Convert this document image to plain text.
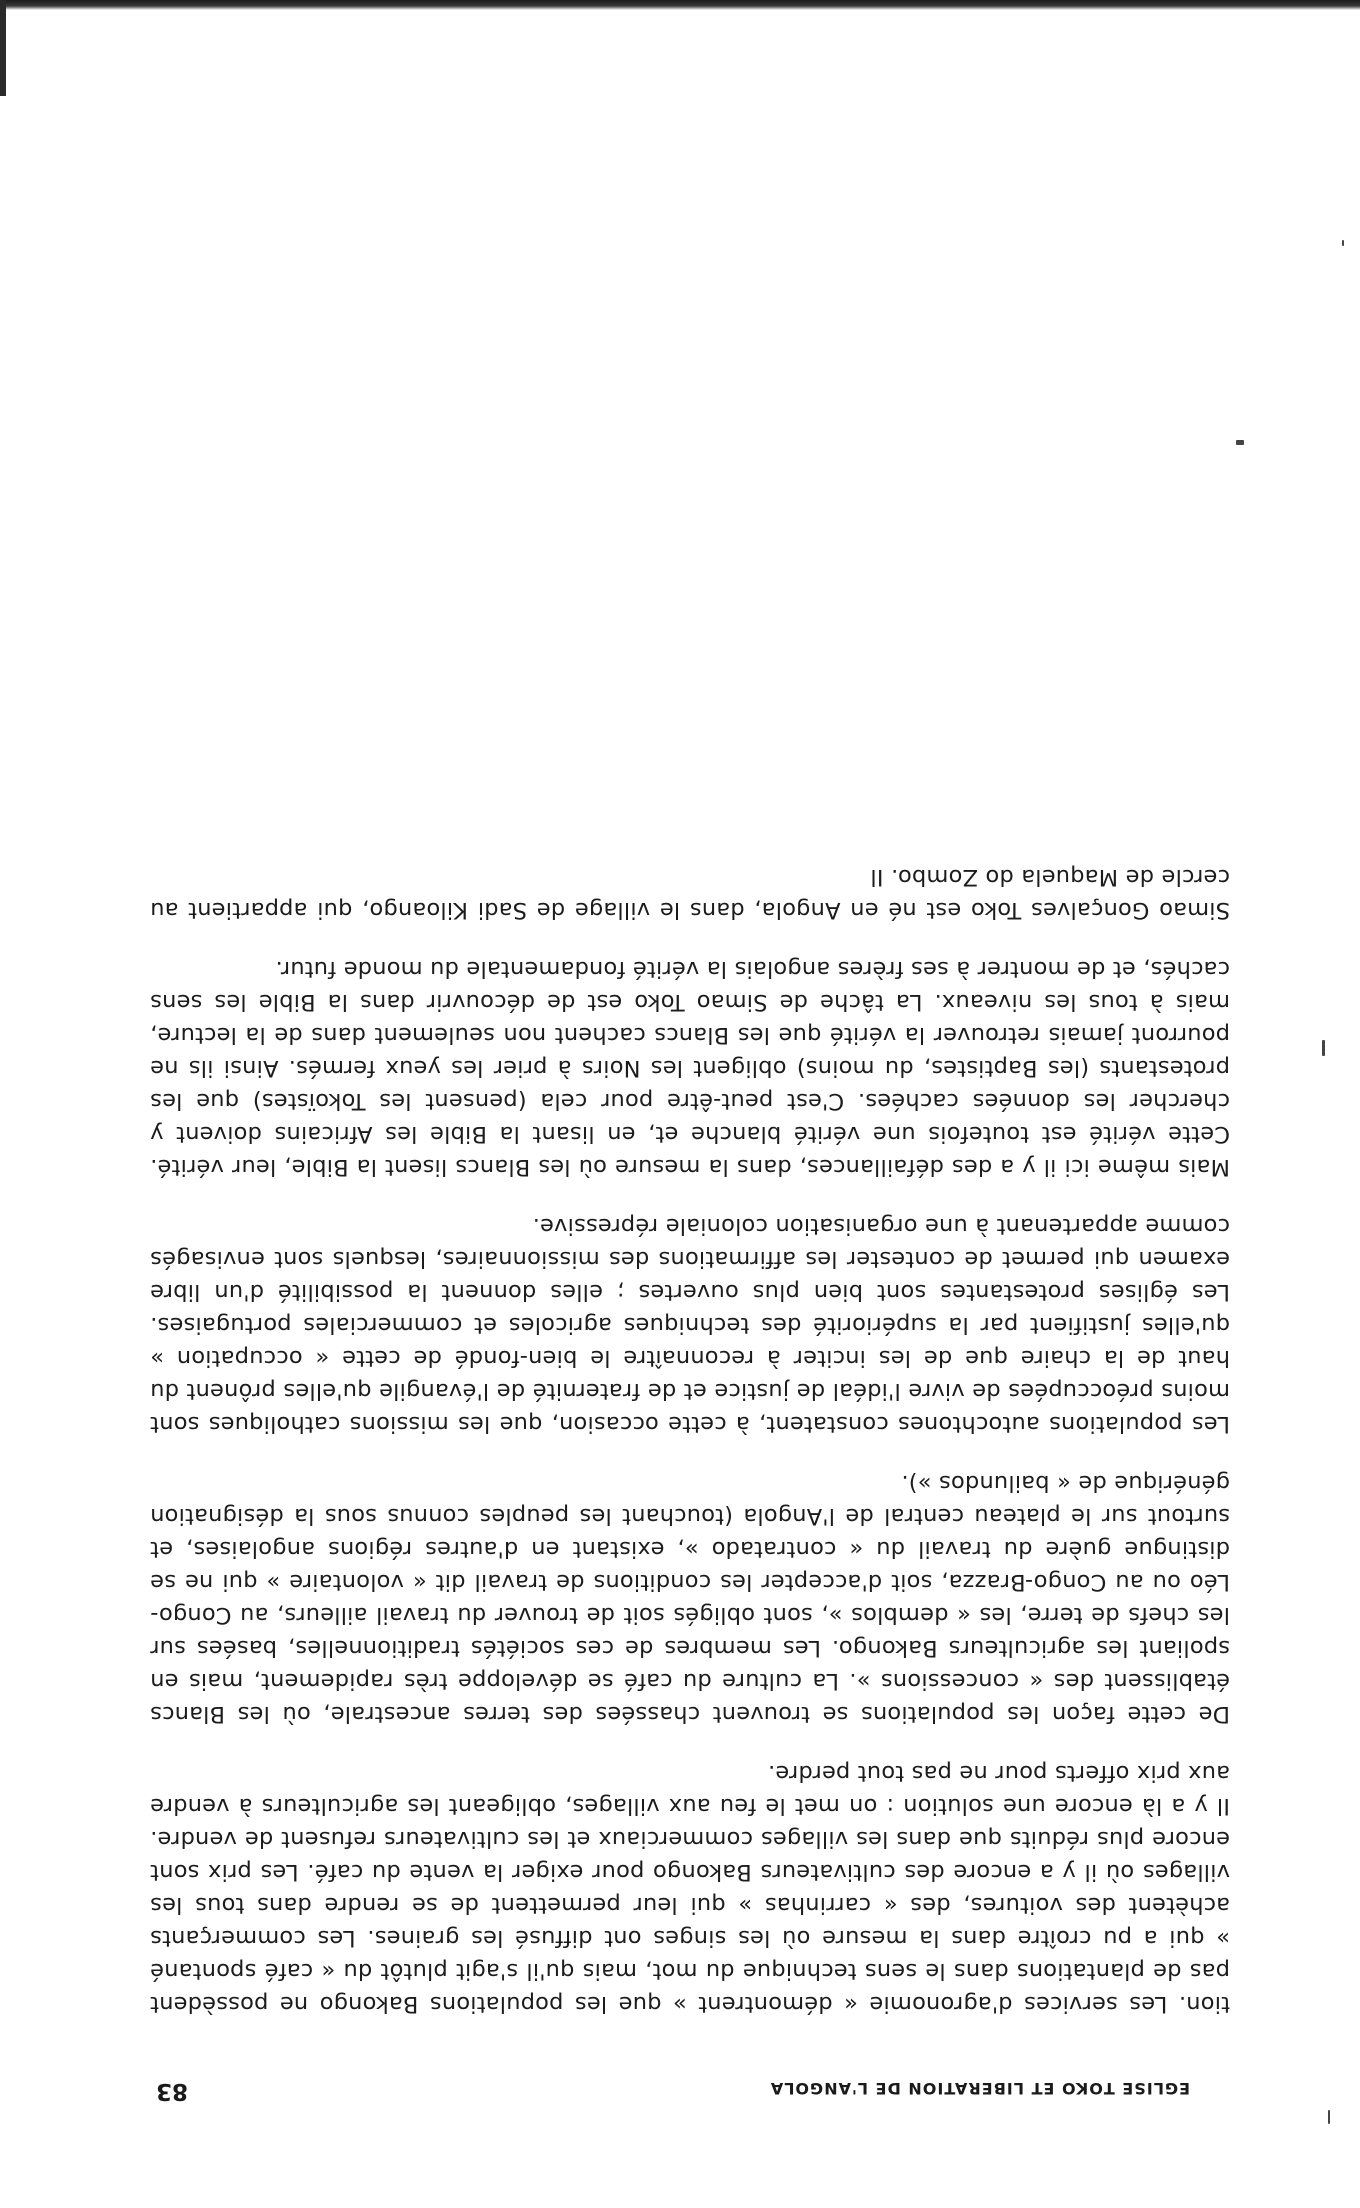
EGLISE TOKO ET LIBERATION DE L'ANGOLA
83

tion. Les services d'agronomie « démontrent » que les populations Bakongo ne possèdent pas de plantations dans le sens technique du mot, mais qu'il s'agit plutôt du « café spontané » qui a pu croître dans la mesure où les singes ont diffusé les graines. Les commerçants achètent des voitures, des « carrinhas » qui leur permettent de se rendre dans tous les villages où il y a encore des cultivateurs Bakongo pour exiger la vente du café. Les prix sont encore plus réduits que dans les villages commerciaux et les cultivateurs refusent de vendre. Il y a là encore une solution : on met le feu aux villages, obligeant les agriculteurs à vendre aux prix offerts pour ne pas tout perdre.

De cette façon les populations se trouvent chassées des terres ancestrale, où les Blancs établissent des « concessions ». La culture du café se développe très rapidement, mais en spoliant les agriculteurs Bakongo. Les membres de ces sociétés traditionnelles, basées sur les chefs de terre, les « demblos », sont obligés soit de trouver du travail ailleurs, au Congo-Léo ou au Congo-Brazza, soit d'accepter les conditions de travail dit « volontaire » qui ne se distingue guère du travail du « contratado », existant en d'autres régions angolaises, et surtout sur le plateau central de l'Angola (touchant les peuples connus sous la désignation générique de « bailundos »).

Les populations autochtones constatent, à cette occasion, que les missions catholiques sont moins préoccupées de vivre l'idéal de justice et de fraternité de l'évangile qu'elles prônent du haut de la chaire que de les inciter à reconnaître le bien-fondé de cette « occupation » qu'elles justifient par la supériorité des techniques agricoles et commerciales portugaises. Les églises protestantes sont bien plus ouvertes ; elles donnent la possibilité d'un libre examen qui permet de contester les affirmations des missionnaires, lesquels sont envisagés comme appartenant à une organisation coloniale répressive.

Mais même ici il y a des défaillances, dans la mesure où les Blancs lisent la Bible, leur vérité. Cette vérité est toutefois une vérité blanche et, en lisant la Bible les Africains doivent y chercher les données cachées. C'est peut-être pour cela (pensent les Tokoïstes) que les protestants (les Baptistes, du moins) obligent les Noirs à prier les yeux fermés. Ainsi ils ne pourront jamais retrouver la vérité que les Blancs cachent non seulement dans de la lecture, mais à tous les niveaux. La tâche de Simao Toko est de découvrir dans la Bible les sens cachés, et de montrer à ses frères angolais la vérité fondamentale du monde futur.

Simao Gonçalves Toko est né en Angola, dans le village de Sadi Kiloango, qui appartient au cercle de Maquela do Zombo. Il
